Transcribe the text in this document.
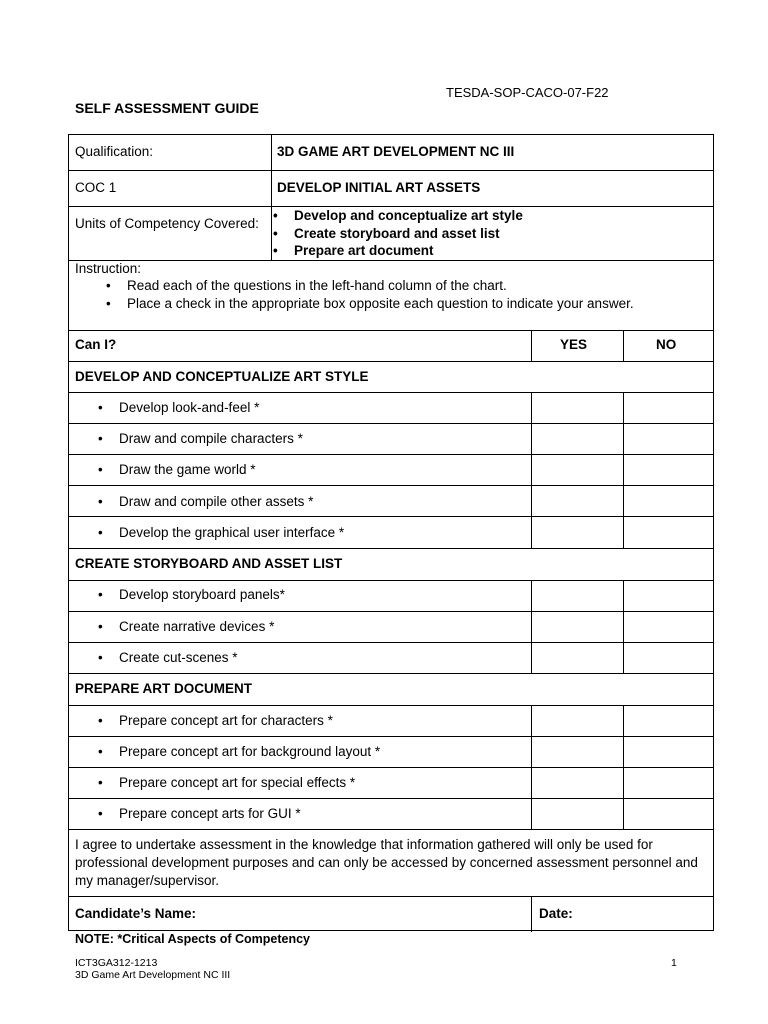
TESDA-SOP-CACO-07-F22
SELF ASSESSMENT GUIDE
Qualification:	3D GAME ART DEVELOPMENT NC III
COC 1	DEVELOP INITIAL ART ASSETS
Units of Competency Covered:
• Develop and conceptualize art style
• Create storyboard and asset list
• Prepare art document
Instruction:
• Read each of the questions in the left-hand column of the chart.
• Place a check in the appropriate box opposite each question to indicate your answer.
Can I?	YES	NO
DEVELOP AND CONCEPTUALIZE ART STYLE
• Develop look-and-feel *
• Draw and compile characters *
• Draw the game world *
• Draw and compile other assets *
• Develop the graphical user interface *
CREATE STORYBOARD AND ASSET LIST
• Develop storyboard panels*
• Create narrative devices *
• Create cut-scenes *
PREPARE ART DOCUMENT
• Prepare concept art for characters *
• Prepare concept art for background layout *
• Prepare concept art for special effects *
• Prepare concept arts for GUI *
I agree to undertake assessment in the knowledge that information gathered will only be used for professional development purposes and can only be accessed by concerned assessment personnel and my manager/supervisor.
Candidate’s Name:	Date:
NOTE: *Critical Aspects of Competency
ICT3GA312-1213
3D Game Art Development NC III
1
